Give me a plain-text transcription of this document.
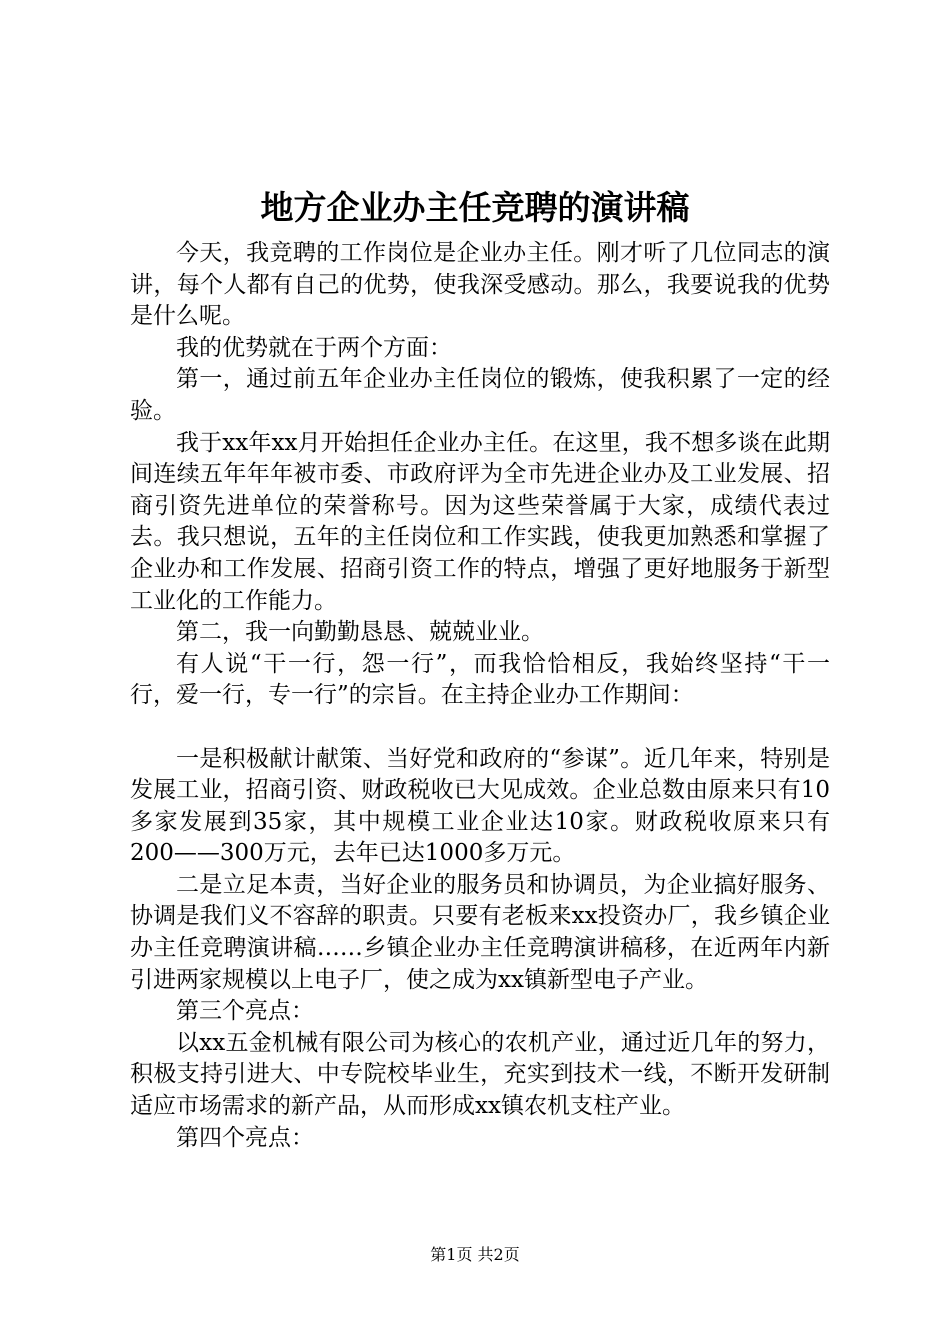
地方企业办主任竞聘的演讲稿

今天，我竞聘的工作岗位是企业办主任。刚才听了几位同志的演讲，每个人都有自己的优势，使我深受感动。那么，我要说我的优势是什么呢。

我的优势就在于两个方面：

第一，通过前五年企业办主任岗位的锻炼，使我积累了一定的经验。

我于xx年xx月开始担任企业办主任。在这里，我不想多谈在此期间连续五年年年被市委、市政府评为全市先进企业办及工业发展、招商引资先进单位的荣誉称号。因为这些荣誉属于大家，成绩代表过去。我只想说，五年的主任岗位和工作实践，使我更加熟悉和掌握了企业办和工作发展、招商引资工作的特点，增强了更好地服务于新型工业化的工作能力。

第二，我一向勤勤恳恳、兢兢业业。

有人说“干一行，怨一行”，而我恰恰相反，我始终坚持“干一行，爱一行，专一行”的宗旨。在主持企业办工作期间：

一是积极献计献策、当好党和政府的“参谋”。近几年来，特别是发展工业，招商引资、财政税收已大见成效。企业总数由原来只有10多家发展到35家，其中规模工业企业达10家。财政税收原来只有200——300万元，去年已达1000多万元。

二是立足本责，当好企业的服务员和协调员，为企业搞好服务、协调是我们义不容辞的职责。只要有老板来xx投资办厂，我乡镇企业办主任竞聘演讲稿……乡镇企业办主任竞聘演讲稿移，在近两年内新引进两家规模以上电子厂，使之成为xx镇新型电子产业。

第三个亮点：

以xx五金机械有限公司为核心的农机产业，通过近几年的努力，积极支持引进大、中专院校毕业生，充实到技术一线，不断开发研制适应市场需求的新产品，从而形成xx镇农机支柱产业。

第四个亮点：

第1页 共2页
